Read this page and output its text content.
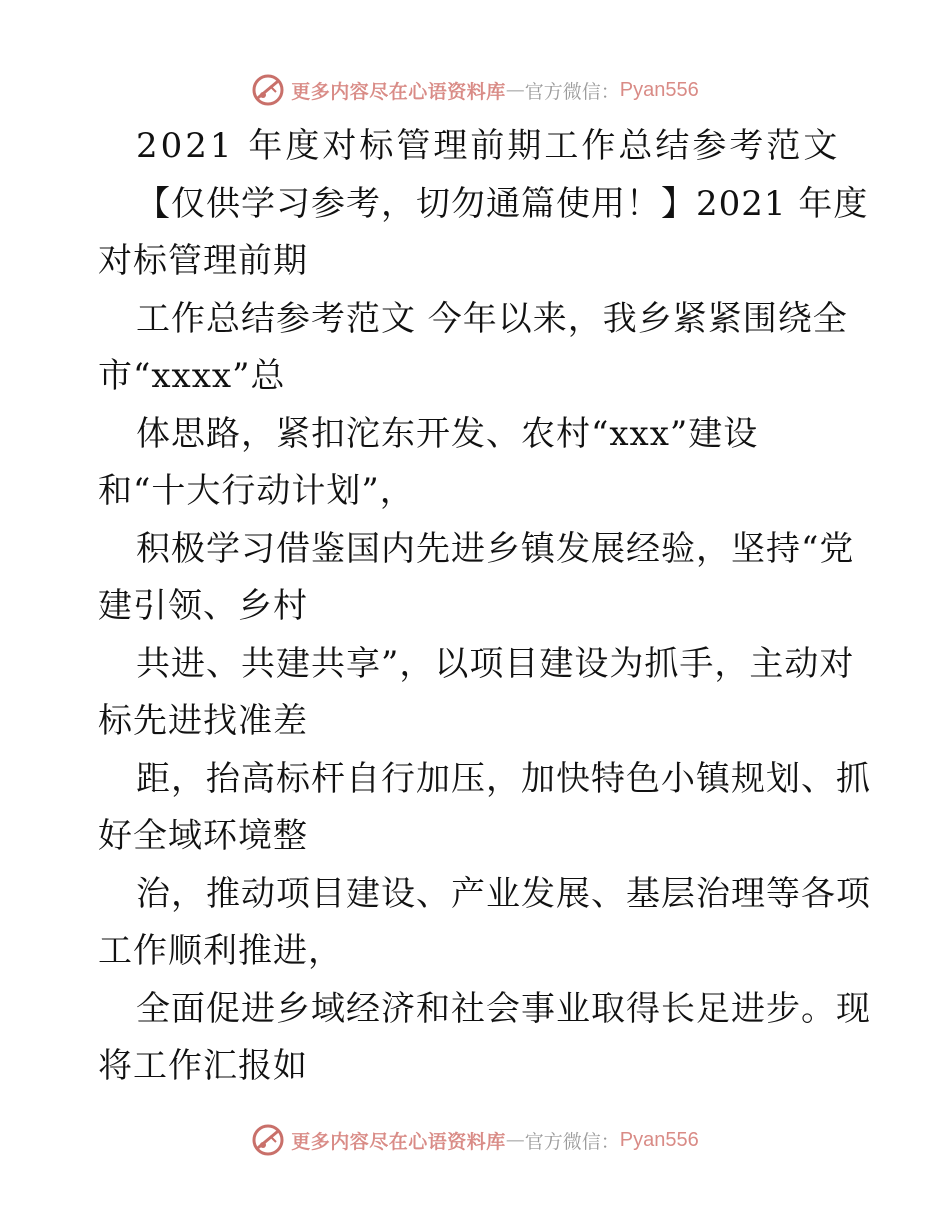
更多内容尽在心语资料库 — 官方微信： Pyan556
2021 年度对标管理前期工作总结参考范文
【仅供学习参考，切勿通篇使用！】2021 年度
对标管理前期
工作总结参考范文 今年以来，我乡紧紧围绕全
市“xxxx”总
体思路，紧扣沱东开发、农村“xxx”建设
和“十大行动计划”，
积极学习借鉴国内先进乡镇发展经验，坚持“党
建引领、乡村
共进、共建共享”，以项目建设为抓手，主动对
标先进找准差
距，抬高标杆自行加压，加快特色小镇规划、抓
好全域环境整
治，推动项目建设、产业发展、基层治理等各项
工作顺利推进，
全面促进乡域经济和社会事业取得长足进步。现
将工作汇报如
更多内容尽在心语资料库 — 官方微信： Pyan556
